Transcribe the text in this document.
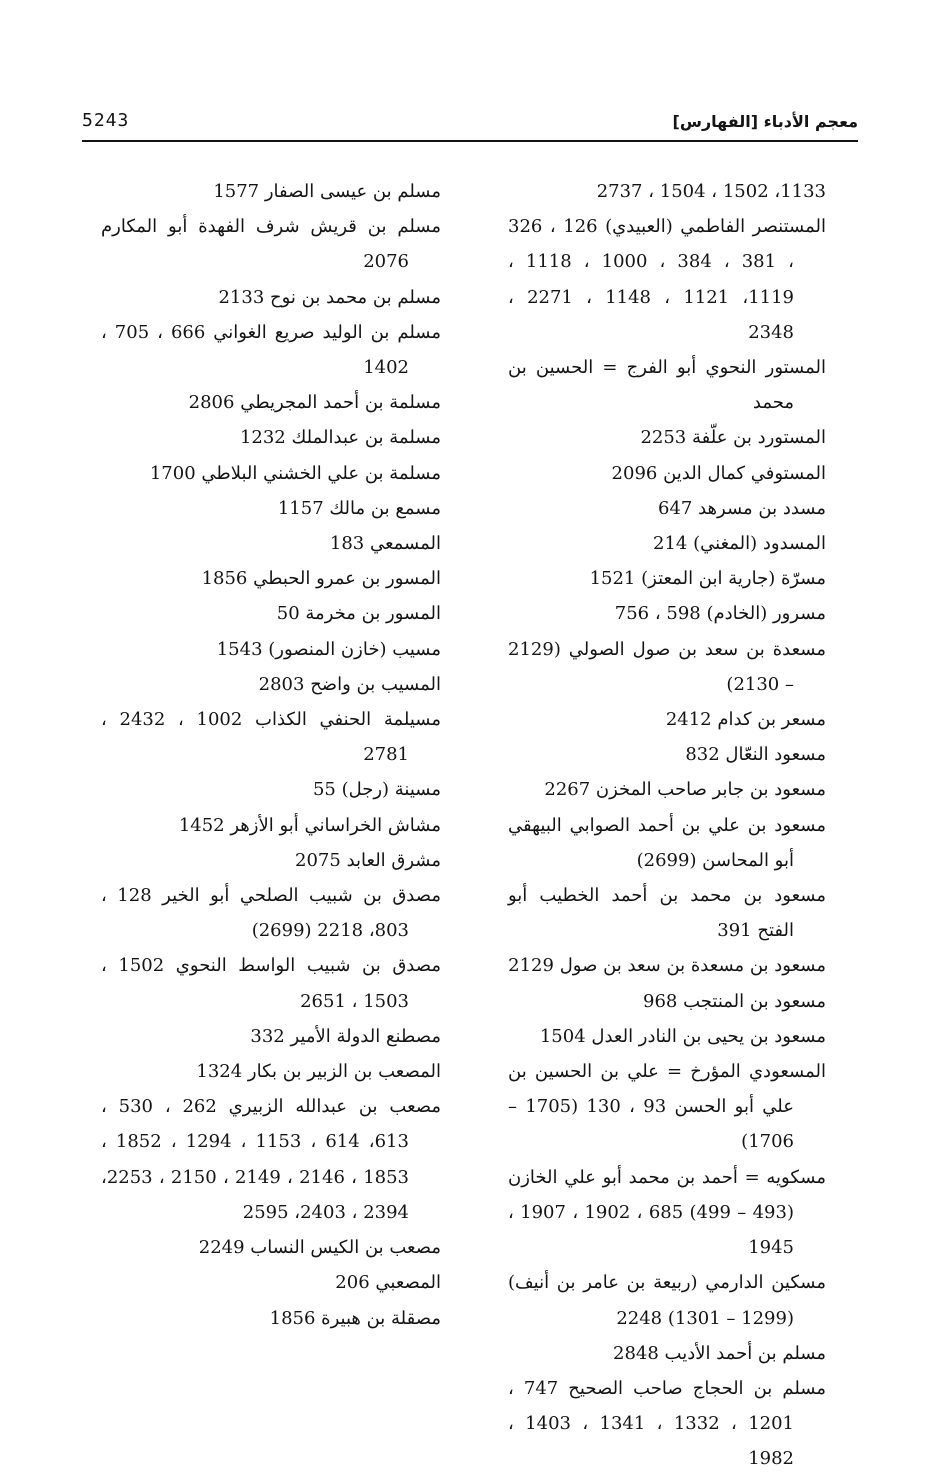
معجم الأدباء [الفهارس]
5243
1133، 1502 ، 1504 ، 2737
المستنصر الفاطمي (العبيدي) 126 ، 326 ، 381 ، 384 ، 1000 ، 1118 ، 1119، 1121 ، 1148 ، 2271 ، 2348
المستور النحوي أبو الفرج = الحسين بن محمد
المستورد بن علّفة 2253
المستوفي كمال الدين 2096
مسدد بن مسرهد 647
المسدود (المغني) 214
مسرّة (جارية ابن المعتز) 1521
مسرور (الخادم) 598 ، 756
مسعدة بن سعد بن صول الصولي (2129 – 2130)
مسعر بن كدام 2412
مسعود النعّال 832
مسعود بن جابر صاحب المخزن 2267
مسعود بن علي بن أحمد الصوابي البيهقي أبو المحاسن (2699)
مسعود بن محمد بن أحمد الخطيب أبو الفتح 391
مسعود بن مسعدة بن سعد بن صول 2129
مسعود بن المنتجب 968
مسعود بن يحيى بن النادر العدل 1504
المسعودي المؤرخ = علي بن الحسين بن علي أبو الحسن 93 ، 130 (1705 – 1706)
مسكويه = أحمد بن محمد أبو علي الخازن (493 – 499) 685 ، 1902 ، 1907 ، 1945
مسكين الدارمي (ربيعة بن عامر بن أنيف) (1299 – 1301) 2248
مسلم بن أحمد الأديب 2848
مسلم بن الحجاج صاحب الصحيح 747 ، 1201 ، 1332 ، 1341 ، 1403 ، 1982
مسلم بن عيسى الصفار 1577
مسلم بن قريش شرف الفهدة أبو المكارم 2076
مسلم بن محمد بن نوح 2133
مسلم بن الوليد صريع الغواني 666 ، 705 ، 1402
مسلمة بن أحمد المجريطي 2806
مسلمة بن عبدالملك 1232
مسلمة بن علي الخشني البلاطي 1700
مسمع بن مالك 1157
المسمعي 183
المسور بن عمرو الحبطي 1856
المسور بن مخرمة 50
مسيب (خازن المنصور) 1543
المسيب بن واضح 2803
مسيلمة الحنفي الكذاب 1002 ، 2432 ، 2781
مسينة (رجل) 55
مشاش الخراساني أبو الأزهر 1452
مشرق العابد 2075
مصدق بن شبيب الصلحي أبو الخير 128 ، 803، 2218 (2699)
مصدق بن شبيب الواسط النحوي 1502 ، 1503 ، 2651
مصطنع الدولة الأمير 332
المصعب بن الزبير بن بكار 1324
مصعب بن عبدالله الزبيري 262 ، 530 ، 613، 614 ، 1153 ، 1294 ، 1852 ، 1853 ، 2146 ، 2149 ، 2150 ، 2253، 2394 ، 2403، 2595
مصعب بن الكيس النساب 2249
المصعبي 206
مصقلة بن هبيرة 1856
